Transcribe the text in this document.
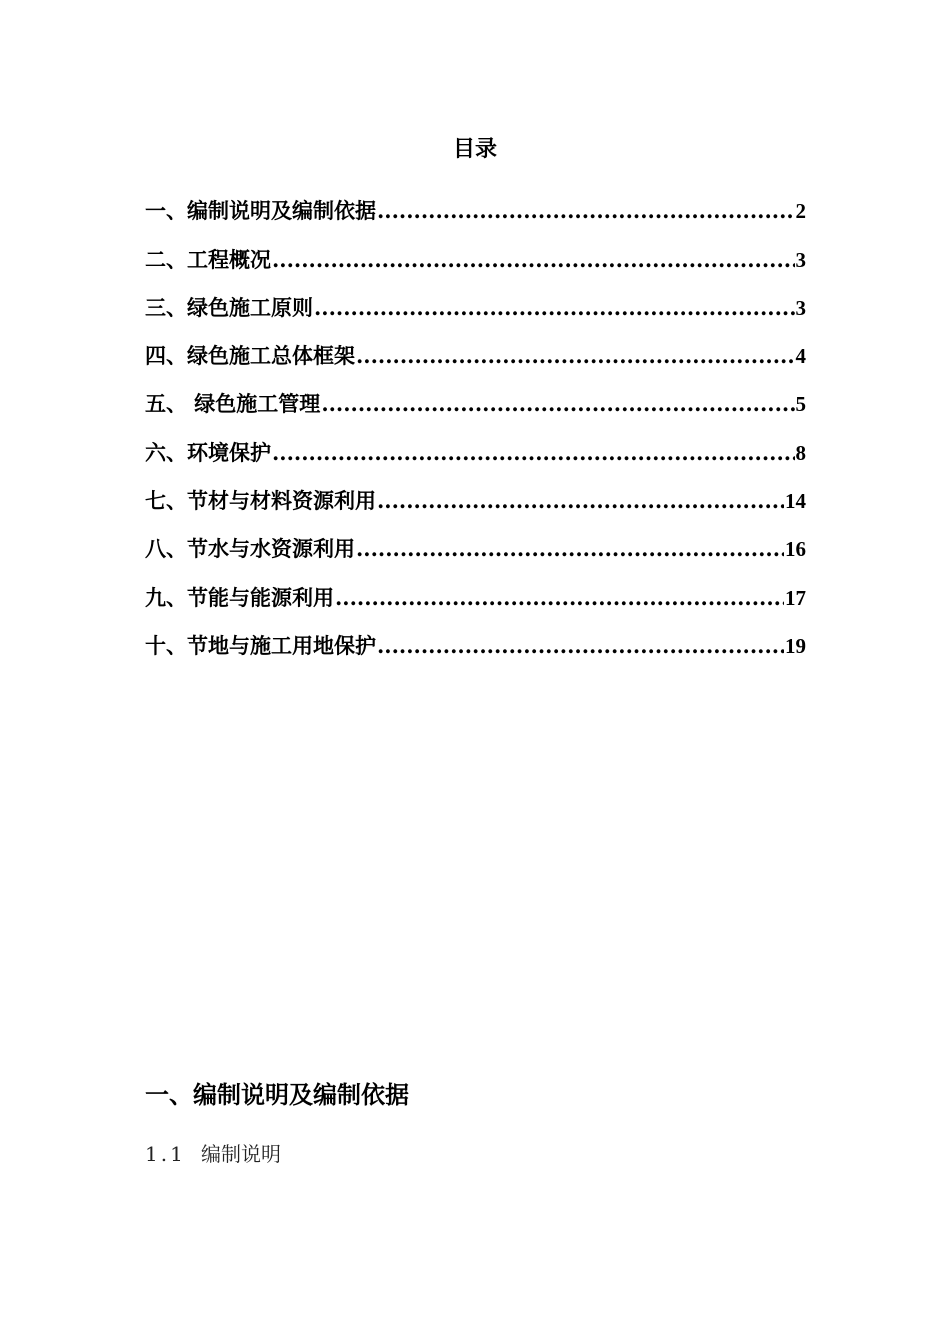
目录
一、编制说明及编制依据 .....	2
二、工程概况 .....	3
三、绿色施工原则 .....	3
四、绿色施工总体框架 .....	4
五、 绿色施工管理 .....	5
六、环境保护 .....	8
七、节材与材料资源利用 .....	14
八、节水与水资源利用 .....	16
九、节能与能源利用 .....	17
十、节地与施工用地保护 .....	19
一、编制说明及编制依据
1.1 编制说明
